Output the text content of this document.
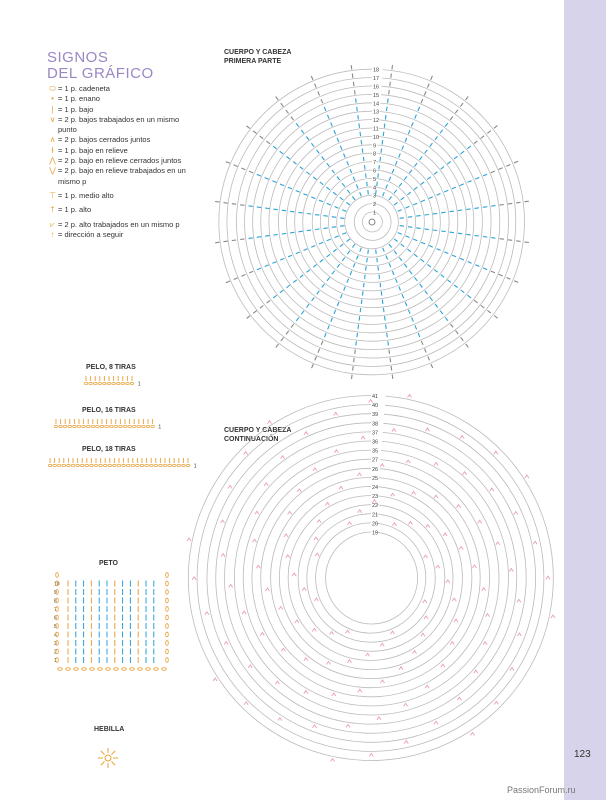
SIGNOS
DEL GRÁFICO
⬭ = 1 p. cadeneta
• = 1 p. enano
| = 1 p. bajo
∨ = 2 p. bajos trabajados en un mismo punto
∧ = 2 p. bajos cerrados juntos
ⱡ = 1 p. bajo en relieve
⋀ = 2 p. bajo en relieve cerrados juntos
⋁ = 2 p. bajo en relieve trabajados en un mismo p
⊤ = 1 p. medio alto
† = 1 p. alto
⩗ = 2 p. alto trabajados en un mismo p
↑ = dirección a seguir
CUERPO Y CABEZA
PRIMERA PARTE
CUERPO Y CABEZA
CONTINUACIÓN
PELO, 8 TIRAS
PELO, 16 TIRAS
PELO, 18 TIRAS
PETO
HEBILLA
123
PassionForum.ru
1
2
3
4
5
6
7
8
9
10
11
12
13
14
15
16
17
18
19
20
21
22
23
24
25
26
27
35
36
37
38
39
40
41
1
1
1
1
2
3
4
5
6
7
8
9
10
